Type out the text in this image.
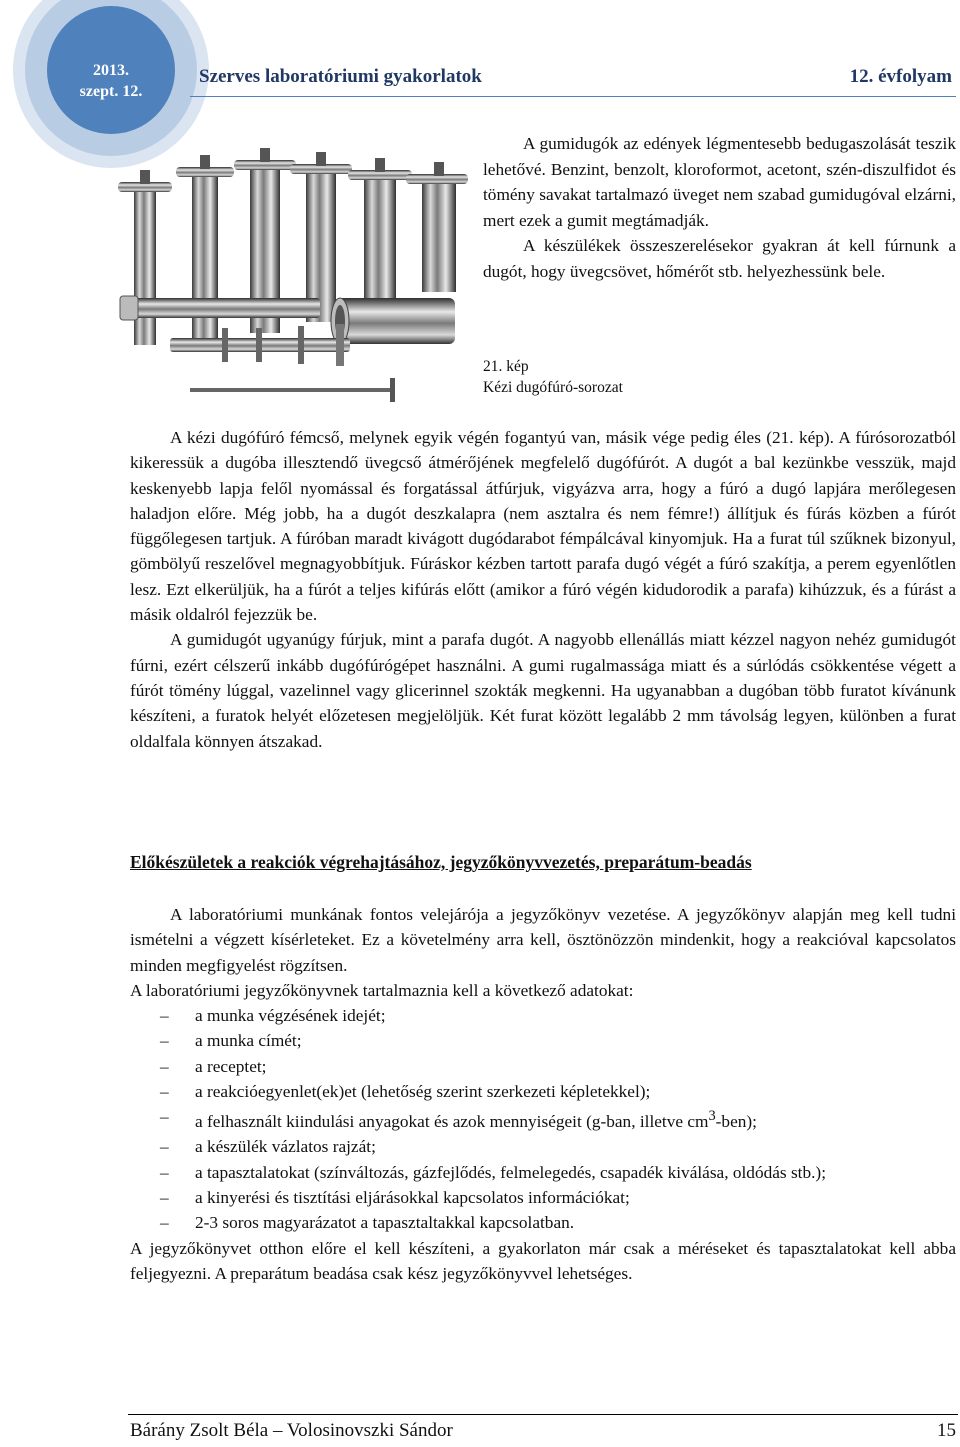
2013.
szept. 12.
Szerves laboratóriumi gyakorlatok	12. évfolyam

A gumidugók az edények légmentesebb bedugaszolását teszik lehetővé. Benzint, benzolt, kloroformot, acetont, szén-diszulfidot és tömény savakat tartalmazó üveget nem szabad gumidugóval elzárni, mert ezek a gumit megtámadják.

A készülékek összeszerelésekor gyakran át kell fúrnunk a dugót, hogy üvegcsövet, hőmérőt stb. helyezhessünk bele.

21. kép
Kézi dugófúró-sorozat

A kézi dugófúró fémcső, melynek egyik végén fogantyú van, másik vége pedig éles (21. kép). A fúrósorozatból kikeressük a dugóba illesztendő üvegcső átmérőjének megfelelő dugófúrót. A dugót a bal kezünkbe vesszük, majd keskenyebb lapja felől nyomással és forgatással átfúrjuk, vigyázva arra, hogy a fúró a dugó lapjára merőlegesen haladjon előre. Még jobb, ha a dugót deszkalapra (nem asztalra és nem fémre!) állítjuk és fúrás közben a fúrót függőlegesen tartjuk. A fúróban maradt kivágott dugódarabot fémpálcával kinyomjuk. Ha a furat túl szűknek bizonyul, gömbölyű reszelővel megnagyobbítjuk. Fúráskor kézben tartott parafa dugó végét a fúró szakítja, a perem egyenlőtlen lesz. Ezt elkerüljük, ha a fúrót a teljes kifúrás előtt (amikor a fúró végén kidudorodik a parafa) kihúzzuk, és a fúrást a másik oldalról fejezzük be.

A gumidugót ugyanúgy fúrjuk, mint a parafa dugót. A nagyobb ellenállás miatt kézzel nagyon nehéz gumidugót fúrni, ezért célszerű inkább dugófúrógépet használni. A gumi rugalmassága miatt és a súrlódás csökkentése végett a fúrót tömény lúggal, vazelinnel vagy glicerinnel szokták megkenni. Ha ugyanabban a dugóban több furatot kívánunk készíteni, a furatok helyét előzetesen megjelöljük. Két furat között legalább 2 mm távolság legyen, különben a furat oldalfala könnyen átszakad.

Előkészületek a reakciók végrehajtásához, jegyzőkönyvvezetés, preparátum-beadás

A laboratóriumi munkának fontos velejárója a jegyzőkönyv vezetése. A jegyzőkönyv alapján meg kell tudni ismételni a végzett kísérleteket. Ez a követelmény arra kell, ösztönözzön mindenkit, hogy a reakcióval kapcsolatos minden megfigyelést rögzítsen.

A laboratóriumi jegyzőkönyvnek tartalmaznia kell a következő adatokat:

– a munka végzésének idejét;
– a munka címét;
– a receptet;
– a reakcióegyenlet(ek)et (lehetőség szerint szerkezeti képletekkel);
– a felhasznált kiindulási anyagokat és azok mennyiségeit (g-ban, illetve $cm^3-ben$);
– a készülék vázlatos rajzát;
– a tapasztalatokat (színváltozás, gázfejlődés, felmelegedés, csapadék kiválása, oldódás stb.);
– a kinyerési és tisztítási eljárásokkal kapcsolatos információkat;
– 2-3 soros magyarázatot a tapasztaltakkal kapcsolatban.

A jegyzőkönyvet otthon előre el kell készíteni, a gyakorlaton már csak a méréseket és tapasztalatokat kell abba feljegyezni. A preparátum beadása csak kész jegyzőkönyvvel lehetséges.

Bárány Zsolt Béla – Volosinovszki Sándor	15
